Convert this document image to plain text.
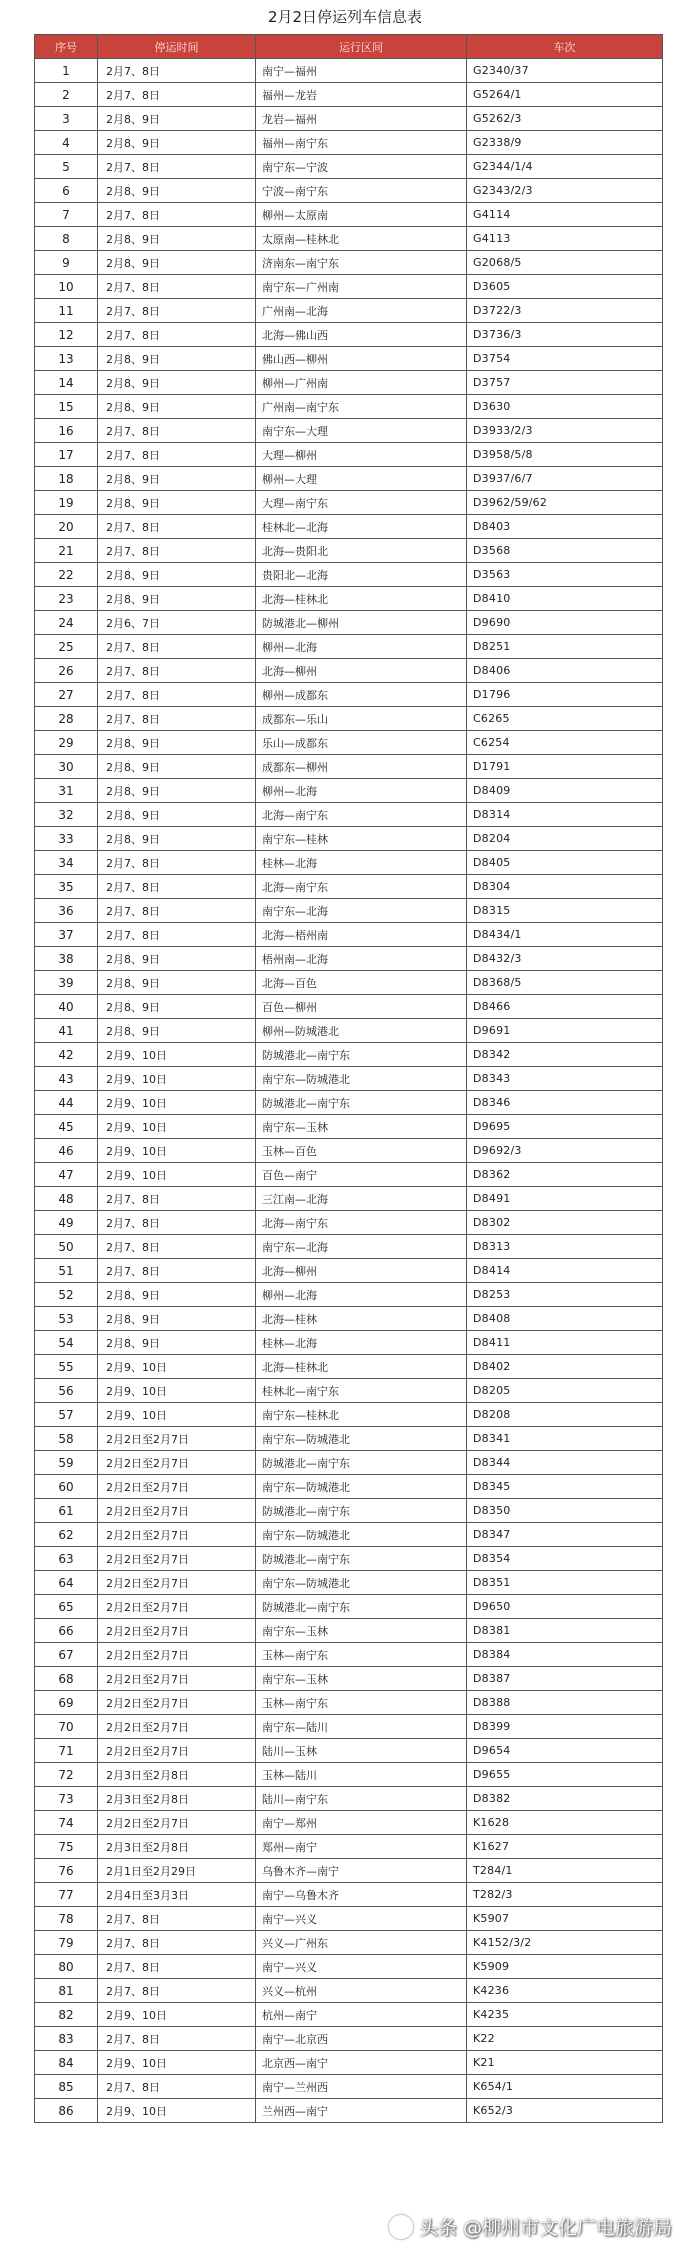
2月2日停运列车信息表
序号	停运时间	运行区间	车次
1	2月7、8日	南宁—福州	G2340/37
2	2月7、8日	福州—龙岩	G5264/1
3	2月8、9日	龙岩—福州	G5262/3
4	2月8、9日	福州—南宁东	G2338/9
5	2月7、8日	南宁东—宁波	G2344/1/4
6	2月8、9日	宁波—南宁东	G2343/2/3
7	2月7、8日	柳州—太原南	G4114
8	2月8、9日	太原南—桂林北	G4113
9	2月8、9日	济南东—南宁东	G2068/5
10	2月7、8日	南宁东—广州南	D3605
11	2月7、8日	广州南—北海	D3722/3
12	2月7、8日	北海—佛山西	D3736/3
13	2月8、9日	佛山西—柳州	D3754
14	2月8、9日	柳州—广州南	D3757
15	2月8、9日	广州南—南宁东	D3630
16	2月7、8日	南宁东—大理	D3933/2/3
17	2月7、8日	大理—柳州	D3958/5/8
18	2月8、9日	柳州—大理	D3937/6/7
19	2月8、9日	大理—南宁东	D3962/59/62
20	2月7、8日	桂林北—北海	D8403
21	2月7、8日	北海—贵阳北	D3568
22	2月8、9日	贵阳北—北海	D3563
23	2月8、9日	北海—桂林北	D8410
24	2月6、7日	防城港北—柳州	D9690
25	2月7、8日	柳州—北海	D8251
26	2月7、8日	北海—柳州	D8406
27	2月7、8日	柳州—成都东	D1796
28	2月7、8日	成都东—乐山	C6265
29	2月8、9日	乐山—成都东	C6254
30	2月8、9日	成都东—柳州	D1791
31	2月8、9日	柳州—北海	D8409
32	2月8、9日	北海—南宁东	D8314
33	2月8、9日	南宁东—桂林	D8204
34	2月7、8日	桂林—北海	D8405
35	2月7、8日	北海—南宁东	D8304
36	2月7、8日	南宁东—北海	D8315
37	2月7、8日	北海—梧州南	D8434/1
38	2月8、9日	梧州南—北海	D8432/3
39	2月8、9日	北海—百色	D8368/5
40	2月8、9日	百色—柳州	D8466
41	2月8、9日	柳州—防城港北	D9691
42	2月9、10日	防城港北—南宁东	D8342
43	2月9、10日	南宁东—防城港北	D8343
44	2月9、10日	防城港北—南宁东	D8346
45	2月9、10日	南宁东—玉林	D9695
46	2月9、10日	玉林—百色	D9692/3
47	2月9、10日	百色—南宁	D8362
48	2月7、8日	三江南—北海	D8491
49	2月7、8日	北海—南宁东	D8302
50	2月7、8日	南宁东—北海	D8313
51	2月7、8日	北海—柳州	D8414
52	2月8、9日	柳州—北海	D8253
53	2月8、9日	北海—桂林	D8408
54	2月8、9日	桂林—北海	D8411
55	2月9、10日	北海—桂林北	D8402
56	2月9、10日	桂林北—南宁东	D8205
57	2月9、10日	南宁东—桂林北	D8208
58	2月2日至2月7日	南宁东—防城港北	D8341
59	2月2日至2月7日	防城港北—南宁东	D8344
60	2月2日至2月7日	南宁东—防城港北	D8345
61	2月2日至2月7日	防城港北—南宁东	D8350
62	2月2日至2月7日	南宁东—防城港北	D8347
63	2月2日至2月7日	防城港北—南宁东	D8354
64	2月2日至2月7日	南宁东—防城港北	D8351
65	2月2日至2月7日	防城港北—南宁东	D9650
66	2月2日至2月7日	南宁东—玉林	D8381
67	2月2日至2月7日	玉林—南宁东	D8384
68	2月2日至2月7日	南宁东—玉林	D8387
69	2月2日至2月7日	玉林—南宁东	D8388
70	2月2日至2月7日	南宁东—陆川	D8399
71	2月2日至2月7日	陆川—玉林	D9654
72	2月3日至2月8日	玉林—陆川	D9655
73	2月3日至2月8日	陆川—南宁东	D8382
74	2月2日至2月7日	南宁—郑州	K1628
75	2月3日至2月8日	郑州—南宁	K1627
76	2月1日至2月29日	乌鲁木齐—南宁	T284/1
77	2月4日至3月3日	南宁—乌鲁木齐	T282/3
78	2月7、8日	南宁—兴义	K5907
79	2月7、8日	兴义—广州东	K4152/3/2
80	2月7、8日	南宁—兴义	K5909
81	2月7、8日	兴义—杭州	K4236
82	2月9、10日	杭州—南宁	K4235
83	2月7、8日	南宁—北京西	K22
84	2月9、10日	北京西—南宁	K21
85	2月7、8日	南宁—兰州西	K654/1
86	2月9、10日	兰州西—南宁	K652/3
头条 @柳州市文化广电旅游局
